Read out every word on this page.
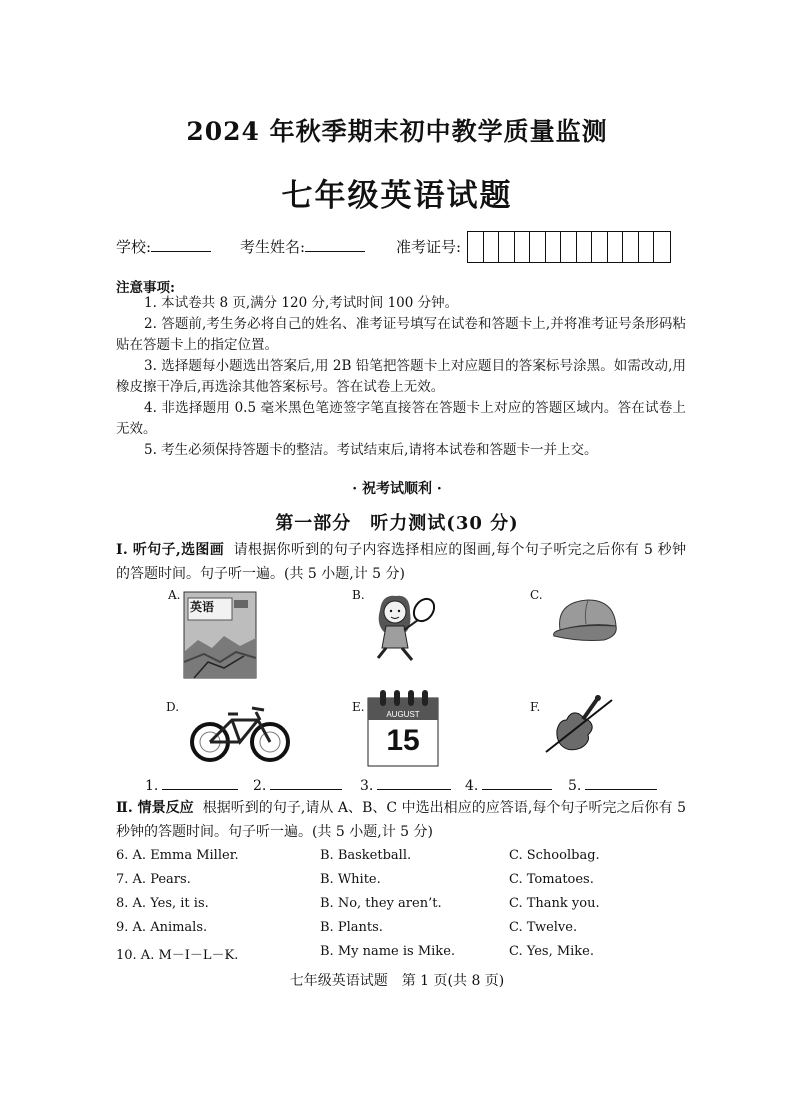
2024 年秋季期末初中教学质量监测
七年级英语试题
学校:	考生姓名:	准考证号:
注意事项:
1. 本试卷共 8 页,满分 120 分,考试时间 100 分钟。
2. 答题前,考生务必将自己的姓名、准考证号填写在试卷和答题卡上,并将准考证号条形码粘贴在答题卡上的指定位置。
3. 选择题每小题选出答案后,用 2B 铅笔把答题卡上对应题目的答案标号涂黑。如需改动,用橡皮擦干净后,再选涂其他答案标号。答在试卷上无效。
4. 非选择题用 0.5 毫米黑色笔迹签字笔直接答在答题卡上对应的答题区域内。答在试卷上无效。
5. 考生必须保持答题卡的整洁。考试结束后,请将本试卷和答题卡一并上交。
· 祝考试顺利 ·
第一部分　听力测试(30 分)
Ⅰ. 听句子,选图画 请根据你听到的句子内容选择相应的图画,每个句子听完之后你有 5 秒钟的答题时间。句子听一遍。(共 5 小题,计 5 分)
A.	B.	C.
D.	E.	F.
英语
AUGUST
15
1.	2.	3.	4.	5.
Ⅱ. 情景反应 根据听到的句子,请从 A、B、C 中选出相应的应答语,每个句子听完之后你有 5 秒钟的答题时间。句子听一遍。(共 5 小题,计 5 分)
6. A. Emma Miller.	B. Basketball.	C. Schoolbag.
7. A. Pears.	B. White.	C. Tomatoes.
8. A. Yes, it is.	B. No, they aren’t.	C. Thank you.
9. A. Animals.	B. Plants.	C. Twelve.
10. A. M－I－L－K.	B. My name is Mike.	C. Yes, Mike.
七年级英语试题　第 1 页(共 8 页)
